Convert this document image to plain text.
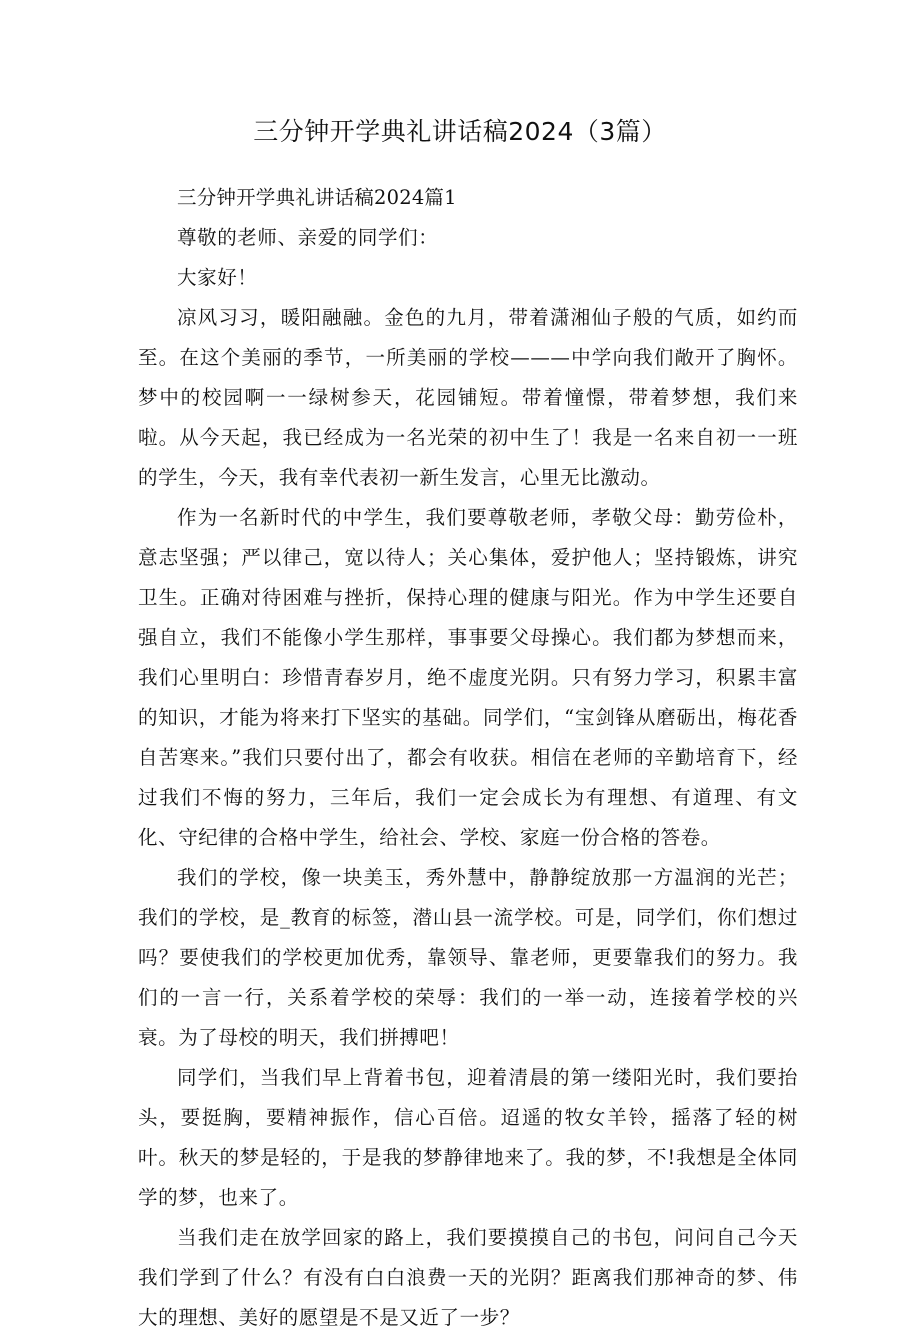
三分钟开学典礼讲话稿2024（3篇）

三分钟开学典礼讲话稿2024篇1

尊敬的老师、亲爱的同学们：

大家好！

凉风习习，暖阳融融。金色的九月，带着潇湘仙子般的气质，如约而至。在这个美丽的季节，一所美丽的学校———中学向我们敞开了胸怀。梦中的校园啊一一绿树参天，花园铺短。带着憧憬，带着梦想，我们来啦。从今天起，我已经成为一名光荣的初中生了！我是一名来自初一一班的学生，今天，我有幸代表初一新生发言，心里无比激动。

作为一名新时代的中学生，我们要尊敬老师，孝敬父母：勤劳俭朴，意志坚强；严以律己，宽以待人；关心集体，爱护他人；坚持锻炼，讲究卫生。正确对待困难与挫折，保持心理的健康与阳光。作为中学生还要自强自立，我们不能像小学生那样，事事要父母操心。我们都为梦想而来，我们心里明白：珍惜青春岁月，绝不虚度光阴。只有努力学习，积累丰富的知识，才能为将来打下坚实的基础。同学们，“宝剑锋从磨砺出，梅花香自苦寒来。”我们只要付出了，都会有收获。相信在老师的辛勤培育下，经过我们不悔的努力，三年后，我们一定会成长为有理想、有道理、有文化、守纪律的合格中学生，给社会、学校、家庭一份合格的答卷。

我们的学校，像一块美玉，秀外慧中，静静绽放那一方温润的光芒；我们的学校，是_教育的标签，潜山县一流学校。可是，同学们，你们想过吗？要使我们的学校更加优秀，靠领导、靠老师，更要靠我们的努力。我们的一言一行，关系着学校的荣辱：我们的一举一动，连接着学校的兴衰。为了母校的明天，我们拼搏吧！

同学们，当我们早上背着书包，迎着清晨的第一缕阳光时，我们要抬头，要挺胸，要精神振作，信心百倍。迢遥的牧女羊铃，摇落了轻的树叶。秋天的梦是轻的，于是我的梦静律地来了。我的梦，不!我想是全体同学的梦，也来了。

当我们走在放学回家的路上，我们要摸摸自己的书包，问问自己今天我们学到了什么？有没有白白浪费一天的光阴？距离我们那神奇的梦、伟大的理想、美好的愿望是不是又近了一步？
